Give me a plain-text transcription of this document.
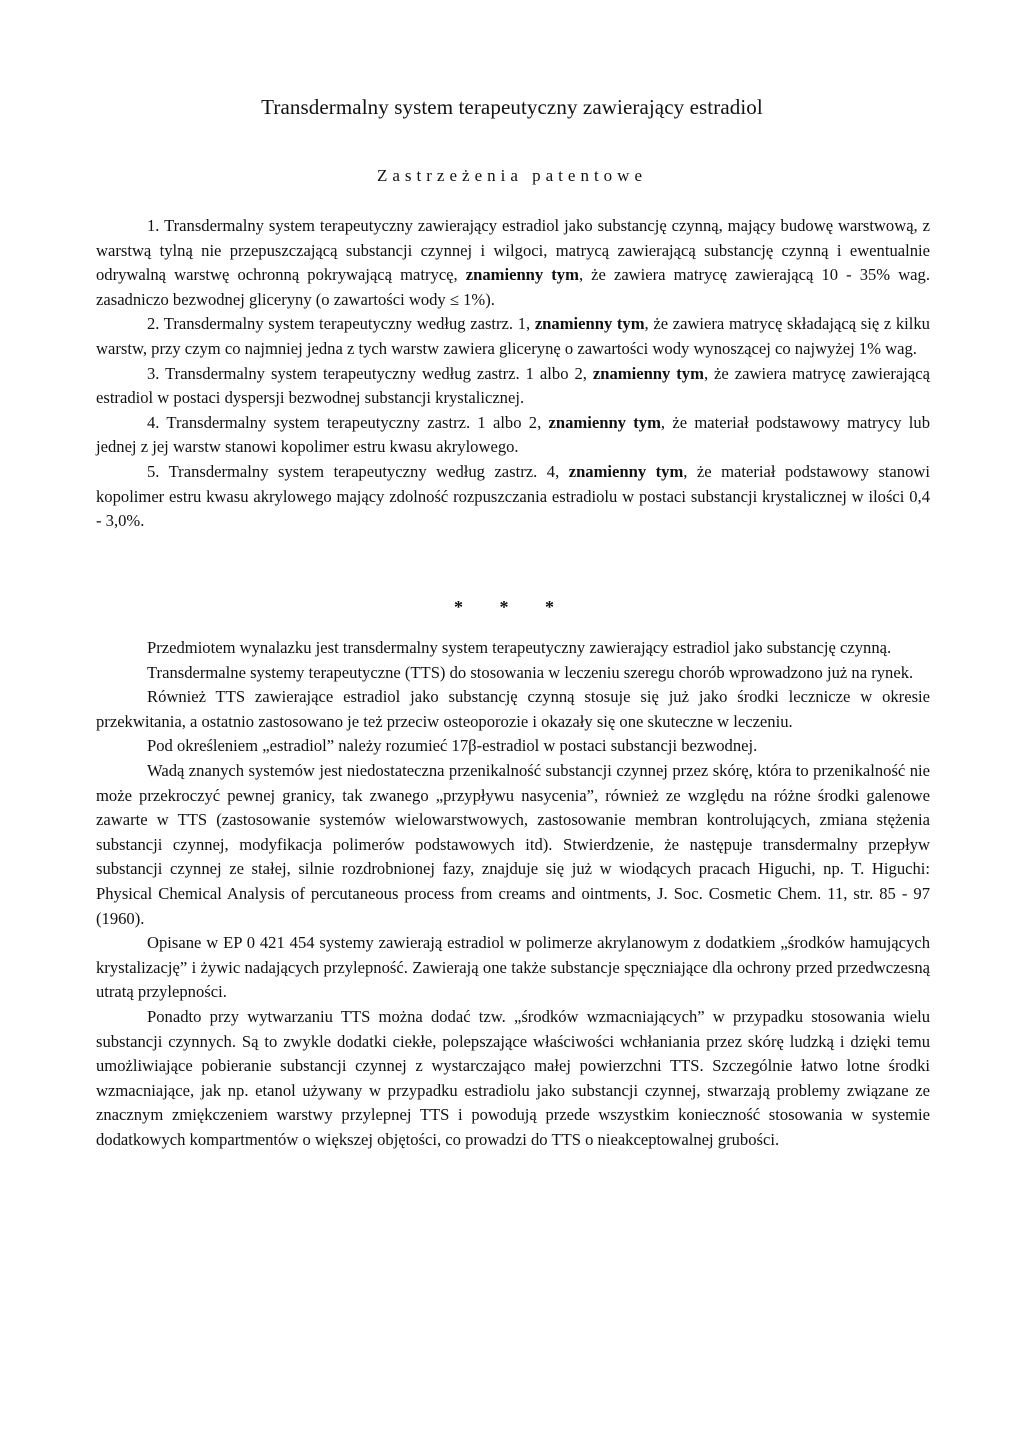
Transdermalny system terapeutyczny zawierający estradiol
Zastrzeżenia patentowe

1. Transdermalny system terapeutyczny zawierający estradiol jako substancję czynną, mający budowę warstwową, z warstwą tylną nie przepuszczającą substancji czynnej i wilgoci, matrycą zawierającą substancję czynną i ewentualnie odrywalną warstwę ochronną pokrywającą matrycę, znamienny tym, że zawiera matrycę zawierającą 10 - 35% wag. zasadniczo bezwodnej gliceryny (o zawartości wody ≤ 1%).

2. Transdermalny system terapeutyczny według zastrz. 1, znamienny tym, że zawiera matrycę składającą się z kilku warstw, przy czym co najmniej jedna z tych warstw zawiera glicerynę o zawartości wody wynoszącej co najwyżej 1% wag.

3. Transdermalny system terapeutyczny według zastrz. 1 albo 2, znamienny tym, że zawiera matrycę zawierającą estradiol w postaci dyspersji bezwodnej substancji krystalicznej.

4. Transdermalny system terapeutyczny zastrz. 1 albo 2, znamienny tym, że materiał podstawowy matrycy lub jednej z jej warstw stanowi kopolimer estru kwasu akrylowego.

5. Transdermalny system terapeutyczny według zastrz. 4, znamienny tym, że materiał podstawowy stanowi kopolimer estru kwasu akrylowego mający zdolność rozpuszczania estradiolu w postaci substancji krystalicznej w ilości 0,4 - 3,0%.

* * *

Przedmiotem wynalazku jest transdermalny system terapeutyczny zawierający estradiol jako substancję czynną.

Transdermalne systemy terapeutyczne (TTS) do stosowania w leczeniu szeregu chorób wprowadzono już na rynek.

Również TTS zawierające estradiol jako substancję czynną stosuje się już jako środki lecznicze w okresie przekwitania, a ostatnio zastosowano je też przeciw osteoporozie i okazały się one skuteczne w leczeniu.

Pod określeniem „estradiol” należy rozumieć 17β-estradiol w postaci substancji bezwodnej.

Wadą znanych systemów jest niedostateczna przenikalność substancji czynnej przez skórę, która to przenikalność nie może przekroczyć pewnej granicy, tak zwanego „przypływu nasycenia”, również ze względu na różne środki galenowe zawarte w TTS (zastosowanie systemów wielowarstwowych, zastosowanie membran kontrolujących, zmiana stężenia substancji czynnej, modyfikacja polimerów podstawowych itd). Stwierdzenie, że następuje transdermalny przepływ substancji czynnej ze stałej, silnie rozdrobnionej fazy, znajduje się już w wiodących pracach Higuchi, np. T. Higuchi: Physical Chemical Analysis of percutaneous process from creams and ointments, J. Soc. Cosmetic Chem. 11, str. 85 - 97 (1960).

Opisane w EP 0 421 454 systemy zawierają estradiol w polimerze akrylanowym z dodatkiem „środków hamujących krystalizację” i żywic nadających przylepność. Zawierają one także substancje spęczniające dla ochrony przed przedwczesną utratą przylepności.

Ponadto przy wytwarzaniu TTS można dodać tzw. „środków wzmacniających” w przypadku stosowania wielu substancji czynnych. Są to zwykle dodatki ciekłe, polepszające właściwości wchłaniania przez skórę ludzką i dzięki temu umożliwiające pobieranie substancji czynnej z wystarczająco małej powierzchni TTS. Szczególnie łatwo lotne środki wzmacniające, jak np. etanol używany w przypadku estradiolu jako substancji czynnej, stwarzają problemy związane ze znacznym zmiękczeniem warstwy przylepnej TTS i powodują przede wszystkim konieczność stosowania w systemie dodatkowych kompartmentów o większej objętości, co prowadzi do TTS o nieakceptowalnej grubości.
